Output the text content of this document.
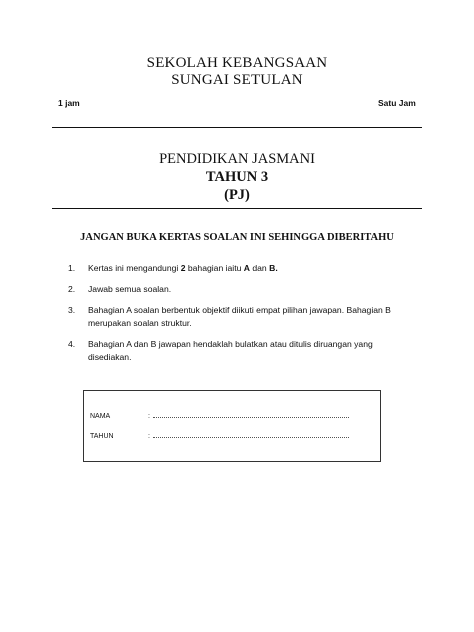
SEKOLAH KEBANGSAAN
SUNGAI SETULAN
1 jam	Satu Jam
PENDIDIKAN JASMANI
TAHUN 3
(PJ)
JANGAN BUKA KERTAS SOALAN INI SEHINGGA DIBERITAHU
1. Kertas ini mengandungi 2 bahagian iaitu A dan B.
2. Jawab semua soalan.
3. Bahagian A soalan berbentuk objektif diikuti empat pilihan jawapan. Bahagian B merupakan soalan struktur.
4. Bahagian A dan B jawapan hendaklah bulatkan atau ditulis diruangan yang disediakan.
NAMA	:
TAHUN	:
